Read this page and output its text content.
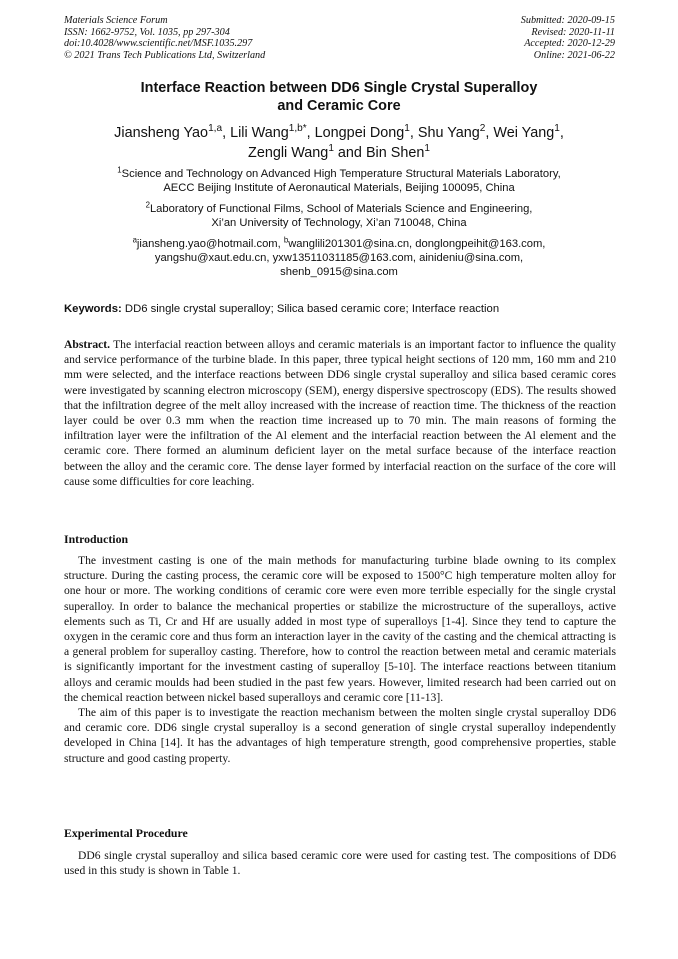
Materials Science Forum
ISSN: 1662-9752, Vol. 1035, pp 297-304
doi:10.4028/www.scientific.net/MSF.1035.297
© 2021 Trans Tech Publications Ltd, Switzerland
Submitted: 2020-09-15
Revised: 2020-11-11
Accepted: 2020-12-29
Online: 2021-06-22
Interface Reaction between DD6 Single Crystal Superalloy
and Ceramic Core
Jiansheng Yao$^{1,a}$, Lili Wang$^{1,b*}$, Longpei Dong$^1$, Shu Yang$^2$, Wei Yang$^1$,
Zengli Wang$^1$ and Bin Shen$^1$
$^1$Science and Technology on Advanced High Temperature Structural Materials Laboratory,
AECC Beijing Institute of Aeronautical Materials, Beijing 100095, China
$^2$Laboratory of Functional Films, School of Materials Science and Engineering,
Xi’an University of Technology, Xi’an 710048, China
$^a$jiansheng.yao@hotmail.com, $^b$wanglili201301@sina.cn, donglongpeihit@163.com,
yangshu@xaut.edu.cn, yxw13511031185@163.com, ainideniu@sina.com,
shenb_0915@sina.com
Keywords: DD6 single crystal superalloy; Silica based ceramic core; Interface reaction
Abstract. The interfacial reaction between alloys and ceramic materials is an important factor to influence the quality and service performance of the turbine blade. In this paper, three typical height sections of 120 mm, 160 mm and 210 mm were selected, and the interface reactions between DD6 single crystal superalloy and silica based ceramic cores were investigated by scanning electron microscopy (SEM), energy dispersive spectroscopy (EDS). The results showed that the infiltration degree of the melt alloy increased with the increase of reaction time. The thickness of the reaction layer could be over 0.3 mm when the reaction time increased up to 70 min. The main reasons of forming the infiltration layer were the infiltration of the Al element and the interfacial reaction between the Al element and the ceramic core. There formed an aluminum deficient layer on the metal surface because of the interface reaction between the alloy and the ceramic core. The dense layer formed by interfacial reaction on the surface of the core will cause some difficulties for core leaching.
Introduction

The investment casting is one of the main methods for manufacturing turbine blade owning to its complex structure. During the casting process, the ceramic core will be exposed to 1500°C high temperature molten alloy for one hour or more. The working conditions of ceramic core were even more terrible especially for the single crystal superalloy. In order to balance the mechanical properties or stabilize the microstructure of the superalloys, active elements such as Ti, Cr and Hf are usually added in most type of superalloys [1-4]. Since they tend to capture the oxygen in the ceramic core and thus form an interaction layer in the cavity of the casting and the chemical attracting is a general problem for superalloy casting. Therefore, how to control the reaction between metal and ceramic materials is significantly important for the investment casting of superalloy [5-10]. The interface reactions between titanium alloys and ceramic moulds had been studied in the past few years. However, limited research had been carried out on the chemical reaction between nickel based superalloys and ceramic core [11-13].

The aim of this paper is to investigate the reaction mechanism between the molten single crystal superalloy DD6 and ceramic core. DD6 single crystal superalloy is a second generation of single crystal superalloy independently developed in China [14]. It has the advantages of high temperature strength, good comprehensive properties, stable structure and good casting property.

Experimental Procedure

DD6 single crystal superalloy and silica based ceramic core were used for casting test. The compositions of DD6 used in this study is shown in Table 1.
